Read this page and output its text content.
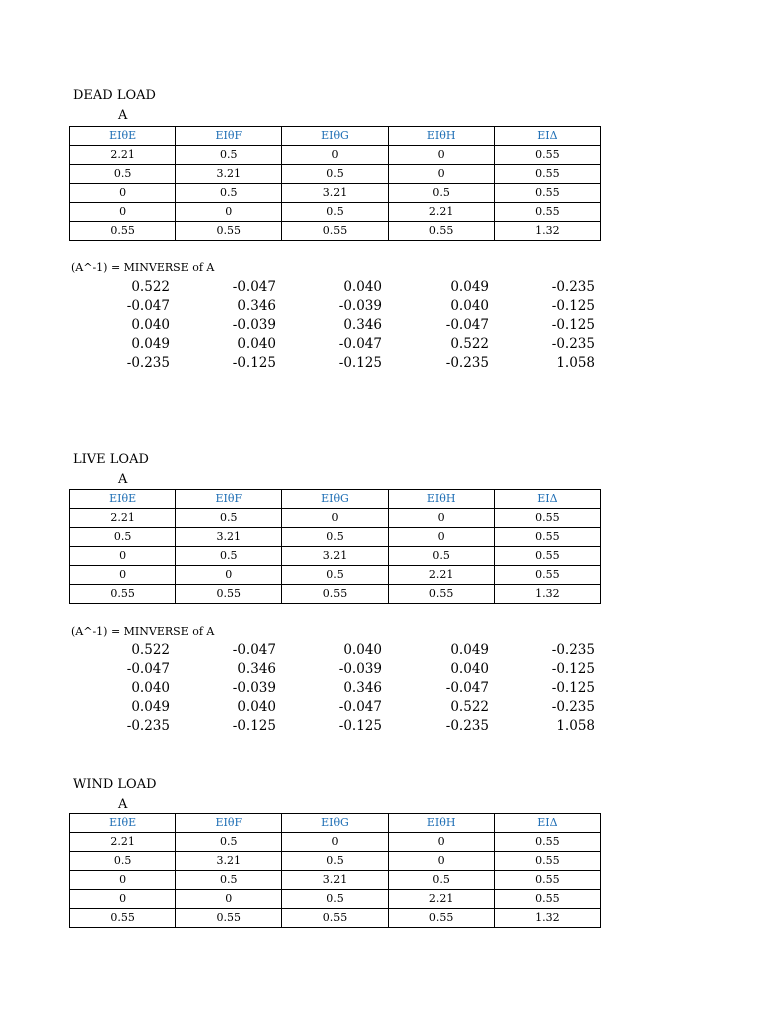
DEAD LOAD
A
EIθE	EIθF	EIθG	EIθH	EIΔ
2.21	0.5	0	0	0.55
0.5	3.21	0.5	0	0.55
0	0.5	3.21	0.5	0.55
0	0	0.5	2.21	0.55
0.55	0.55	0.55	0.55	1.32
(A^-1) = MINVERSE of A
0.522	-0.047	0.040	0.049	-0.235
-0.047	0.346	-0.039	0.040	-0.125
0.040	-0.039	0.346	-0.047	-0.125
0.049	0.040	-0.047	0.522	-0.235
-0.235	-0.125	-0.125	-0.235	1.058
LIVE LOAD
A
EIθE	EIθF	EIθG	EIθH	EIΔ
2.21	0.5	0	0	0.55
0.5	3.21	0.5	0	0.55
0	0.5	3.21	0.5	0.55
0	0	0.5	2.21	0.55
0.55	0.55	0.55	0.55	1.32
(A^-1) = MINVERSE of A
0.522	-0.047	0.040	0.049	-0.235
-0.047	0.346	-0.039	0.040	-0.125
0.040	-0.039	0.346	-0.047	-0.125
0.049	0.040	-0.047	0.522	-0.235
-0.235	-0.125	-0.125	-0.235	1.058
WIND LOAD
A
EIθE	EIθF	EIθG	EIθH	EIΔ
2.21	0.5	0	0	0.55
0.5	3.21	0.5	0	0.55
0	0.5	3.21	0.5	0.55
0	0	0.5	2.21	0.55
0.55	0.55	0.55	0.55	1.32
